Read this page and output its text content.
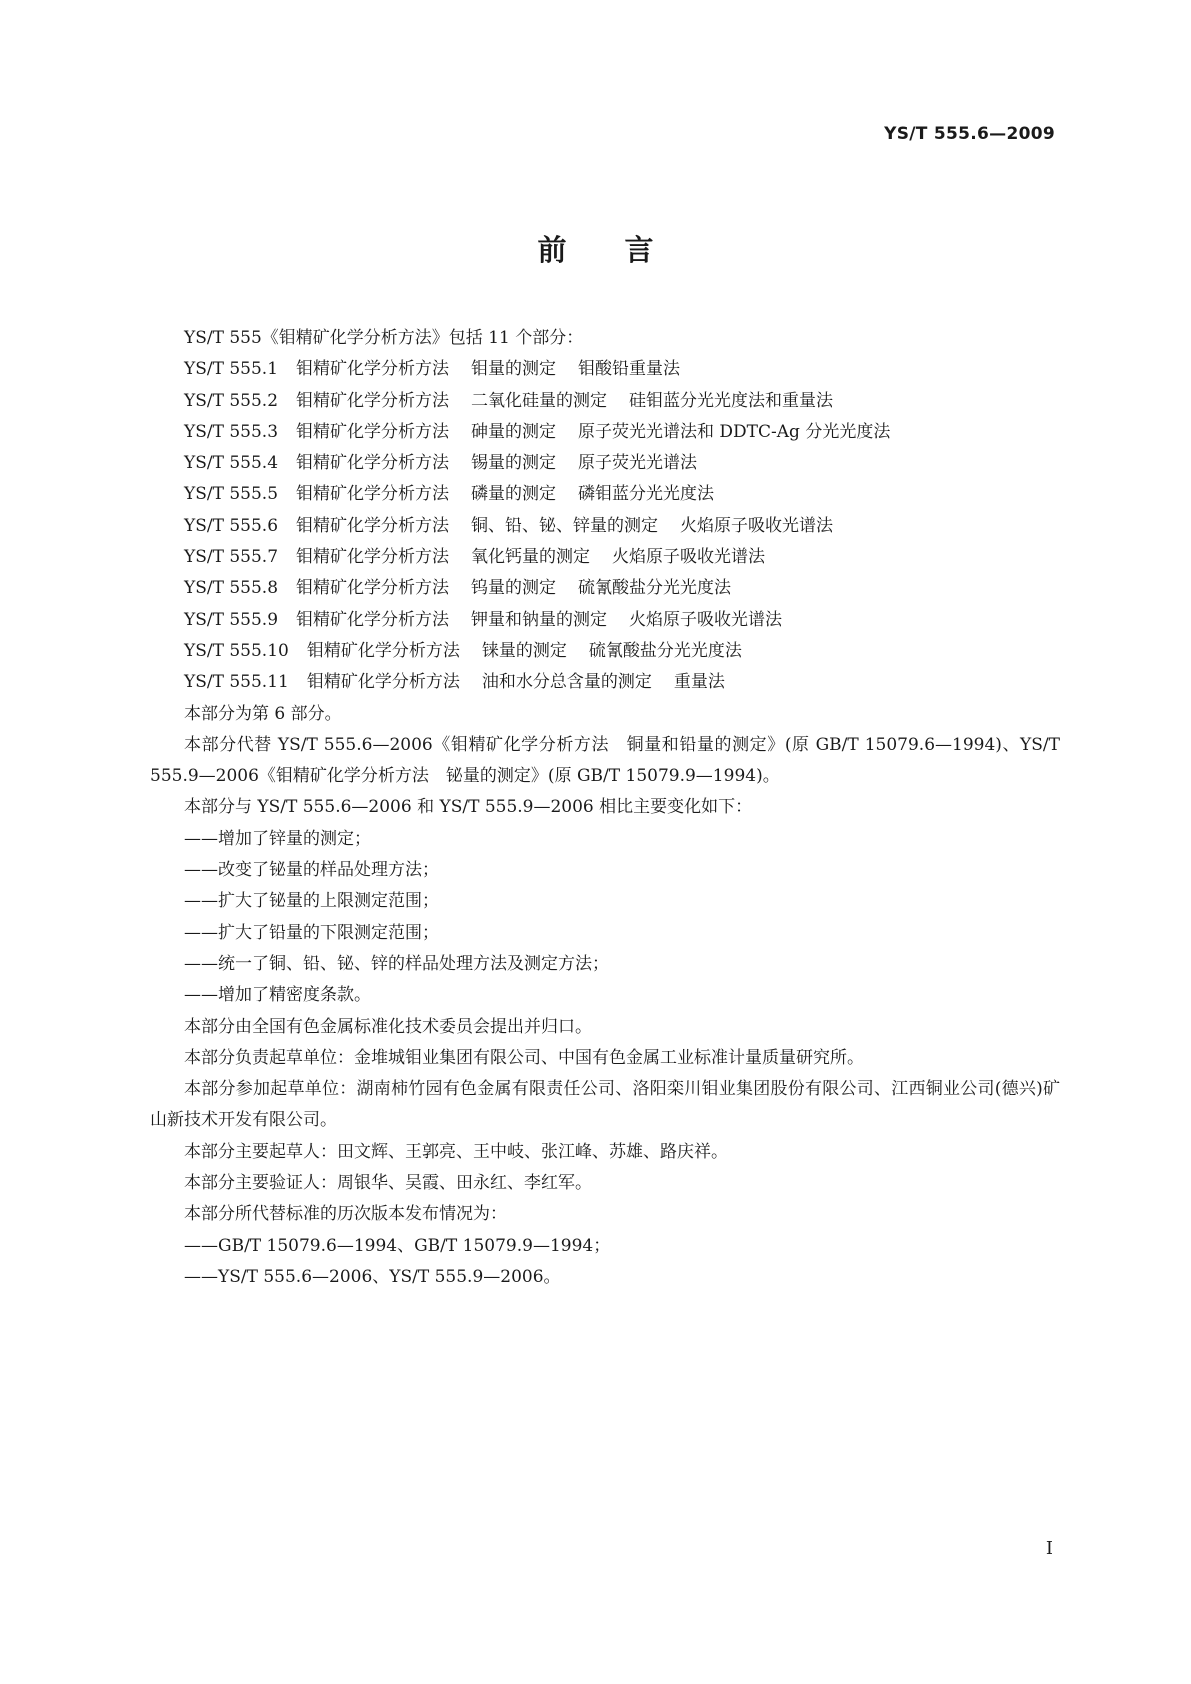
YS/T 555.6—2009
前言

YS/T 555《钼精矿化学分析方法》包括 11 个部分：

YS/T 555.1 钼精矿化学分析方法 钼量的测定 钼酸铅重量法

YS/T 555.2 钼精矿化学分析方法 二氧化硅量的测定 硅钼蓝分光光度法和重量法

YS/T 555.3 钼精矿化学分析方法 砷量的测定 原子荧光光谱法和 DDTC-Ag 分光光度法

YS/T 555.4 钼精矿化学分析方法 锡量的测定 原子荧光光谱法

YS/T 555.5 钼精矿化学分析方法 磷量的测定 磷钼蓝分光光度法

YS/T 555.6 钼精矿化学分析方法 铜、铅、铋、锌量的测定 火焰原子吸收光谱法

YS/T 555.7 钼精矿化学分析方法 氧化钙量的测定 火焰原子吸收光谱法

YS/T 555.8 钼精矿化学分析方法 钨量的测定 硫氰酸盐分光光度法

YS/T 555.9 钼精矿化学分析方法 钾量和钠量的测定 火焰原子吸收光谱法

YS/T 555.10 钼精矿化学分析方法 铼量的测定 硫氰酸盐分光光度法

YS/T 555.11 钼精矿化学分析方法 油和水分总含量的测定 重量法

本部分为第 6 部分。

本部分代替 YS/T 555.6—2006《钼精矿化学分析方法　铜量和铅量的测定》(原 GB/T 15079.6—1994)、YS/T 555.9—2006《钼精矿化学分析方法　铋量的测定》(原 GB/T 15079.9—1994)。

本部分与 YS/T 555.6—2006 和 YS/T 555.9—2006 相比主要变化如下：

——增加了锌量的测定；

——改变了铋量的样品处理方法；

——扩大了铋量的上限测定范围；

——扩大了铅量的下限测定范围；

——统一了铜、铅、铋、锌的样品处理方法及测定方法；

——增加了精密度条款。

本部分由全国有色金属标准化技术委员会提出并归口。

本部分负责起草单位：金堆城钼业集团有限公司、中国有色金属工业标准计量质量研究所。

本部分参加起草单位：湖南柿竹园有色金属有限责任公司、洛阳栾川钼业集团股份有限公司、江西铜业公司(德兴)矿山新技术开发有限公司。

本部分主要起草人：田文辉、王郭亮、王中岐、张江峰、苏雄、路庆祥。

本部分主要验证人：周银华、吴霞、田永红、李红军。

本部分所代替标准的历次版本发布情况为：

——GB/T 15079.6—1994、GB/T 15079.9—1994；

——YS/T 555.6—2006、YS/T 555.9—2006。

I
